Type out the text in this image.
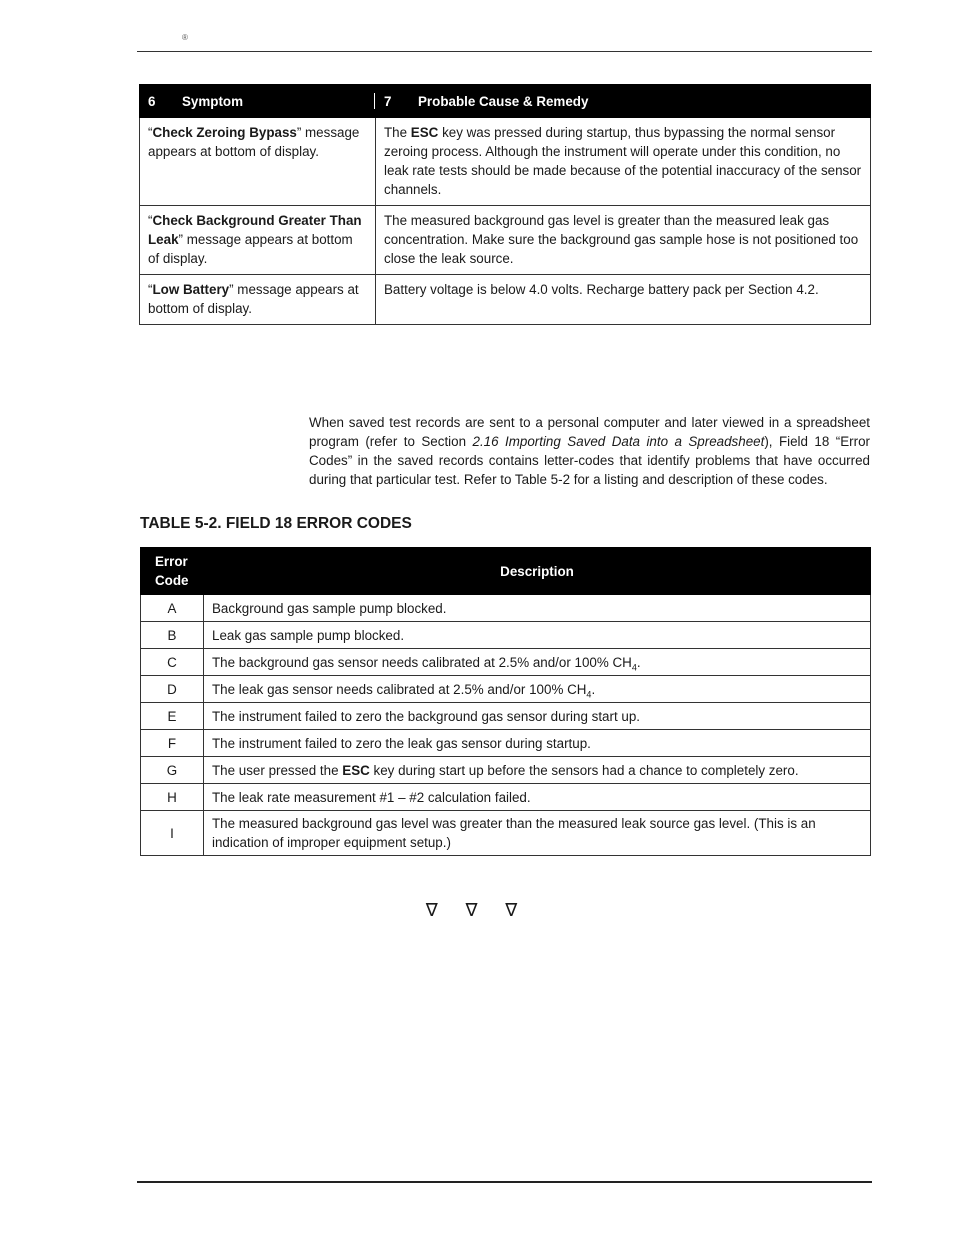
®
6 Symptom	7 Probable Cause & Remedy
“Check Zeroing Bypass” message appears at bottom of display.	The ESC key was pressed during startup, thus bypassing the normal sensor zeroing process. Although the instrument will operate under this condition, no leak rate tests should be made because of the potential inaccuracy of the sensor channels.
“Check Background Greater Than Leak” message appears at bottom of display.	The measured background gas level is greater than the measured leak gas concentration. Make sure the background gas sample hose is not positioned too close the leak source.
“Low Battery” message appears at bottom of display.	Battery voltage is below 4.0 volts. Recharge battery pack per Section 4.2.

When saved test records are sent to a personal computer and later viewed in a spreadsheet program (refer to Section 2.16 Importing Saved Data into a Spreadsheet), Field 18 “Error Codes” in the saved records contains letter-codes that identify problems that have occurred during that particular test. Refer to Table 5-2 for a listing and description of these codes.

TABLE 5-2. FIELD 18 ERROR CODES
Error
Code	Description
A	Background gas sample pump blocked.
B	Leak gas sample pump blocked.
C	The background gas sensor needs calibrated at 2.5% and/or 100% $CH_4$.
D	The leak gas sensor needs calibrated at 2.5% and/or 100% $CH_4$.
E	The instrument failed to zero the background gas sensor during start up.
F	The instrument failed to zero the leak gas sensor during startup.
G	The user pressed the ESC key during start up before the sensors had a chance to completely zero.
H	The leak rate measurement #1 – #2 calculation failed.
I	The measured background gas level was greater than the measured leak source gas level. (This is an indication of improper equipment setup.)
∇ ∇ ∇
